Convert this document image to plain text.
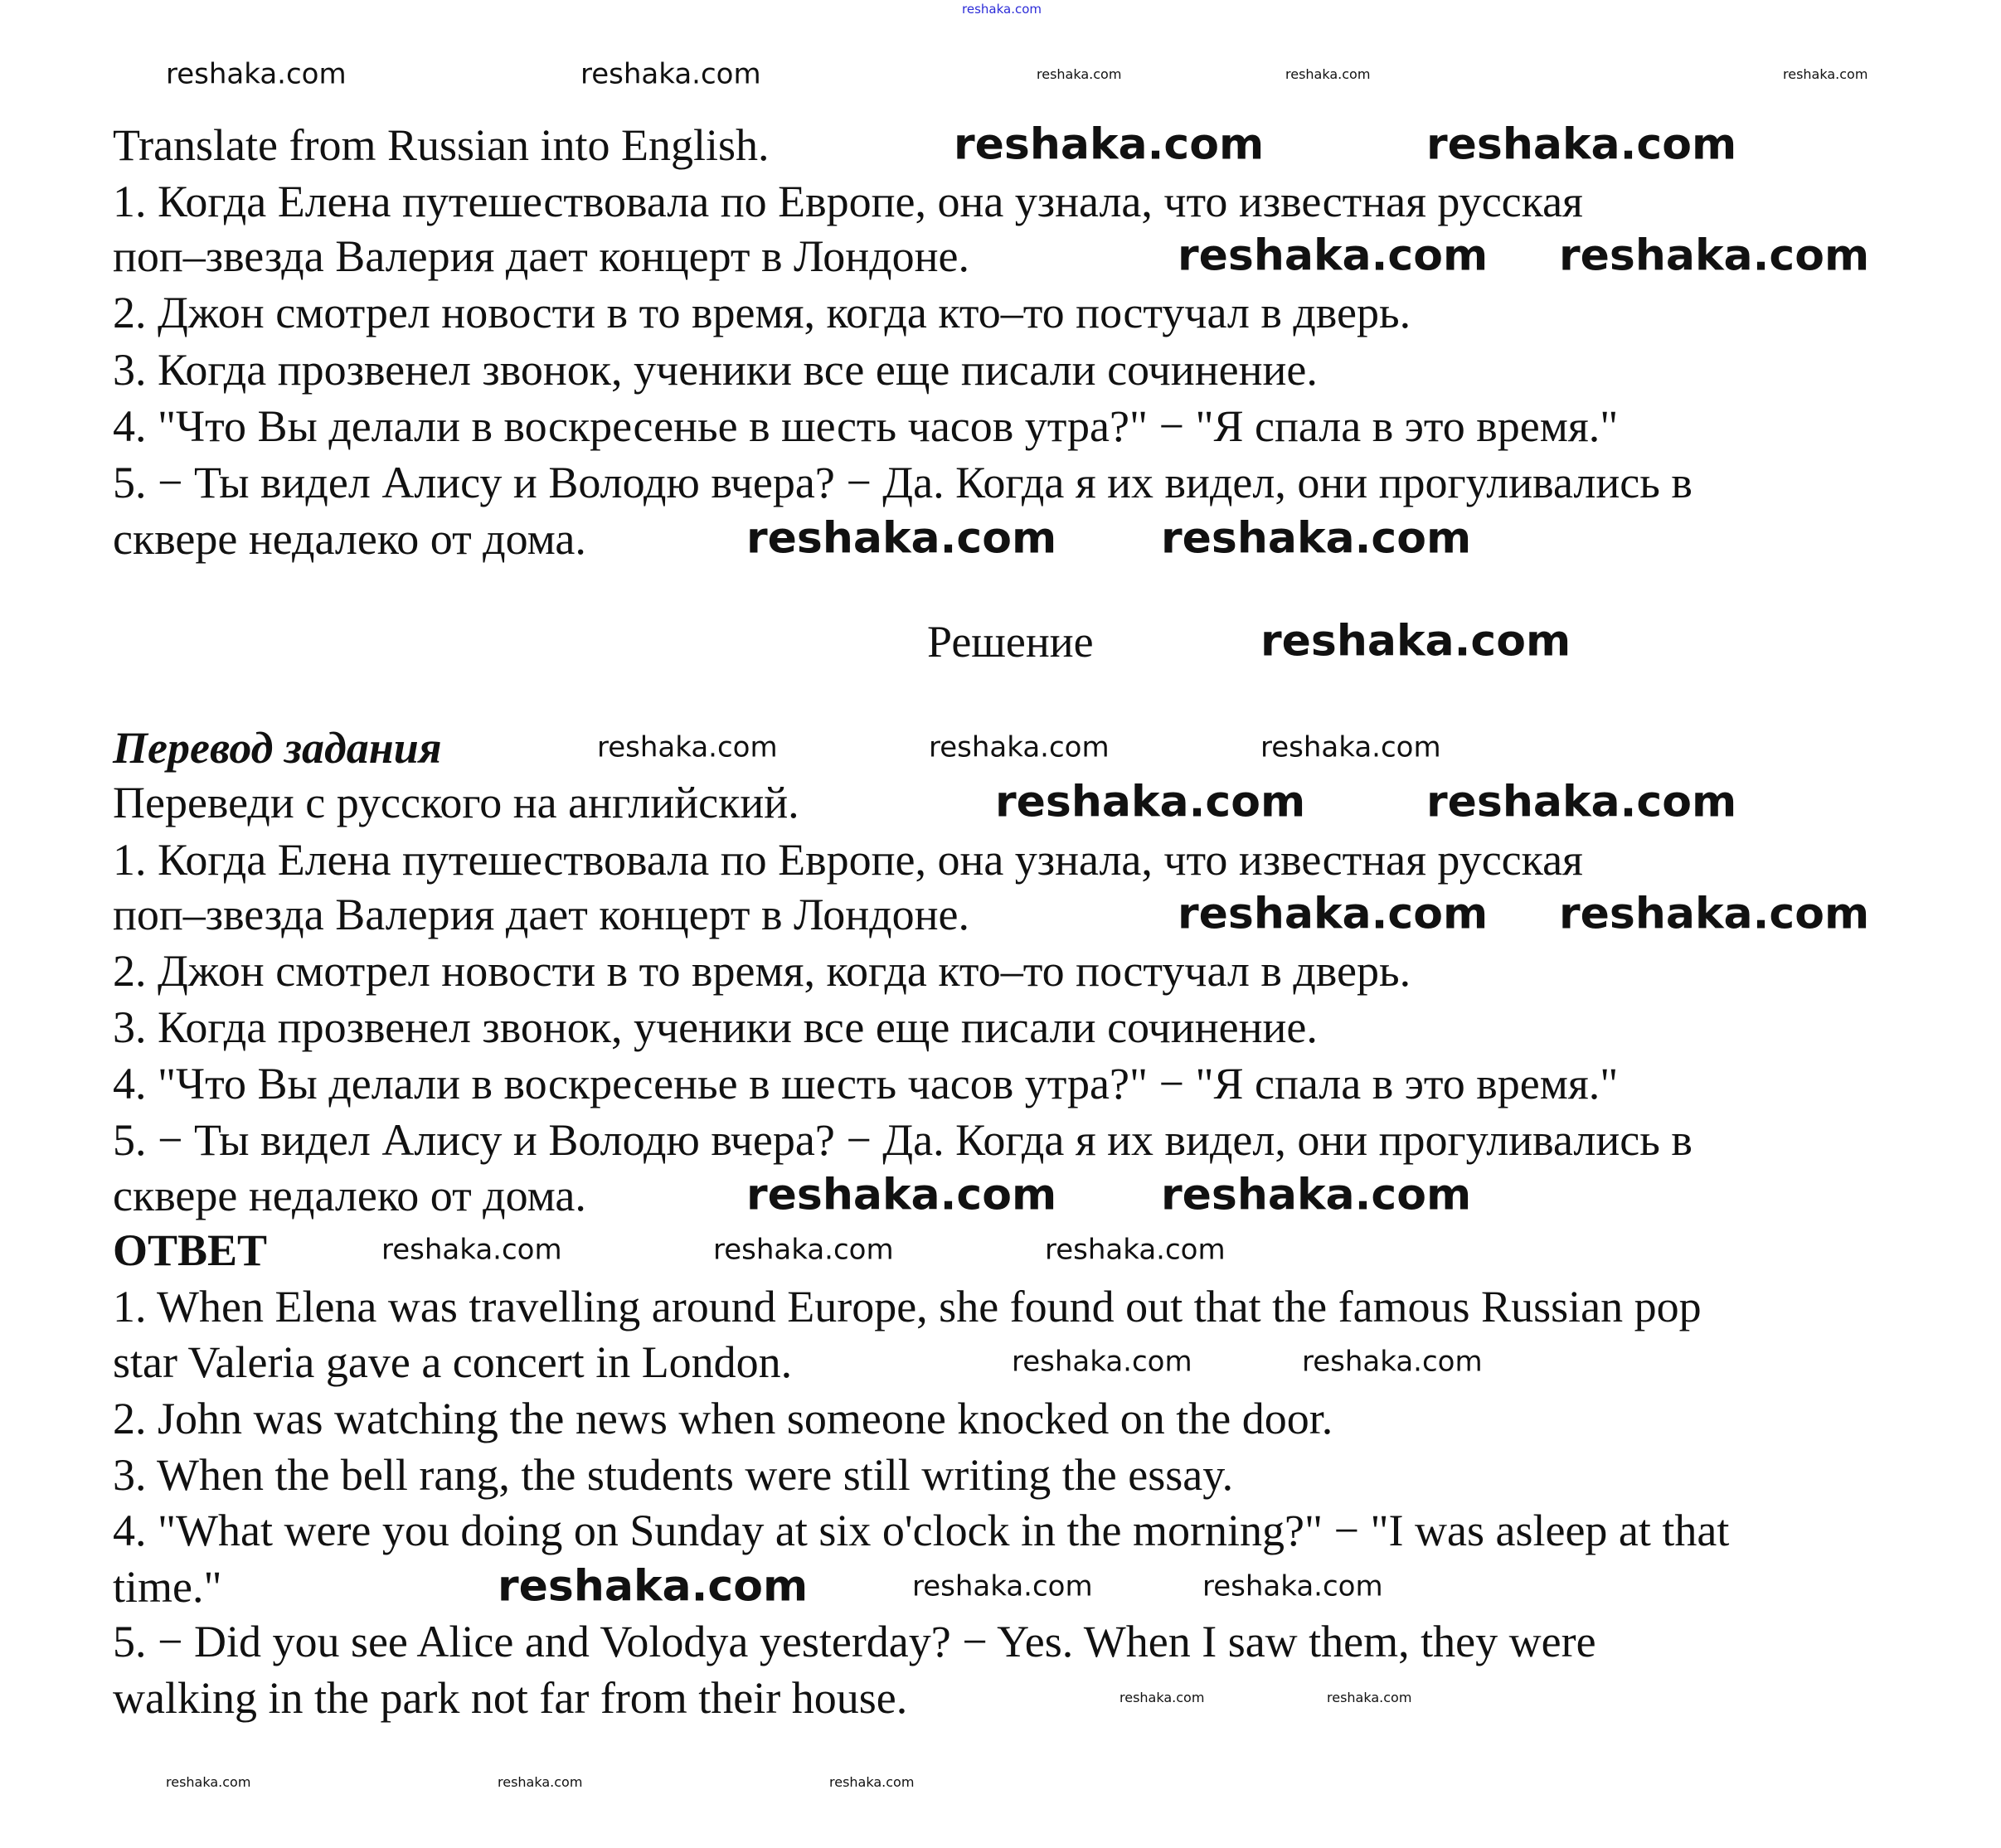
reshaka.com
Translate from Russian into English.
1. Когда Елена путешествовала по Европе, она узнала, что известная русская
поп–звезда Валерия дает концерт в Лондоне.
2. Джон смотрел новости в то время, когда кто–то постучал в дверь.
3. Когда прозвенел звонок, ученики все еще писали сочинение.
4. "Что Вы делали в воскресенье в шесть часов утра?" − "Я спала в это время."
5. − Ты видел Алису и Володю вчера? − Да. Когда я их видел, они прогуливались в
сквере недалеко от дома.
Решение
Перевод задания
Переведи с русского на английский.
1. Когда Елена путешествовала по Европе, она узнала, что известная русская
поп–звезда Валерия дает концерт в Лондоне.
2. Джон смотрел новости в то время, когда кто–то постучал в дверь.
3. Когда прозвенел звонок, ученики все еще писали сочинение.
4. "Что Вы делали в воскресенье в шесть часов утра?" − "Я спала в это время."
5. − Ты видел Алису и Володю вчера? − Да. Когда я их видел, они прогуливались в
сквере недалеко от дома.
ОТВЕТ
1. When Elena was travelling around Europe, she found out that the famous Russian pop
star Valeria gave a concert in London.
2. John was watching the news when someone knocked on the door.
3. When the bell rang, the students were still writing the essay.
4. "What were you doing on Sunday at six o'clock in the morning?" − "I was asleep at that
time."
5. − Did you see Alice and Volodya yesterday? − Yes. When I saw them, they were
walking in the park not far from their house.
reshaka.com	reshaka.com
reshaka.com reshaka.com
reshaka.com reshaka.com
reshaka.com
reshaka.com	reshaka.com
reshaka.com reshaka.com
reshaka.com reshaka.com
reshaka.com
reshaka.com	reshaka.com
reshaka.com	reshaka.com	reshaka.com
reshaka.com	reshaka.com	reshaka.com
reshaka.com	reshaka.com
reshaka.com	reshaka.com
reshaka.com	reshaka.com	reshaka.com
reshaka.com	reshaka.com
reshaka.com	reshaka.com	reshaka.com
